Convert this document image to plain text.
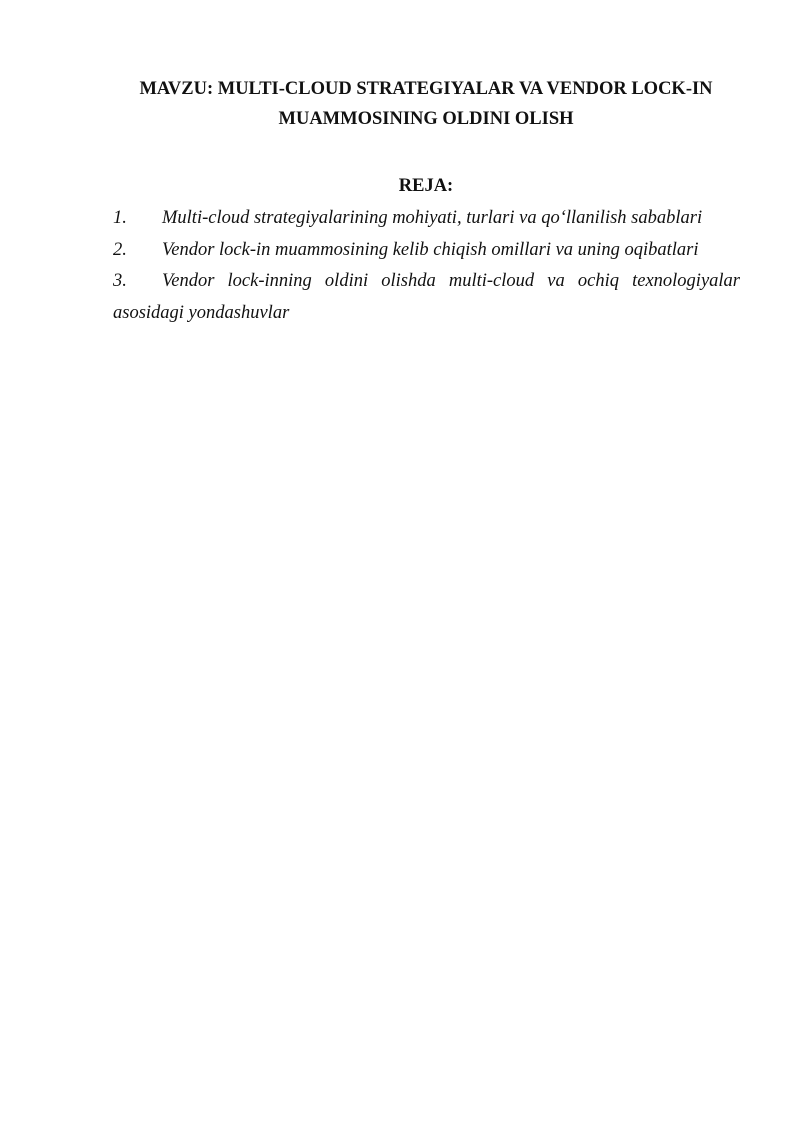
MAVZU: MULTI-CLOUD STRATEGIYALAR VA VENDOR LOCK-IN
MUAMMOSINING OLDINI OLISH
REJA:
1. Multi-cloud strategiyalarining mohiyati, turlari va qo‘llanilish sabablari
2. Vendor lock-in muammosining kelib chiqish omillari va uning oqibatlari
3. Vendor lock-inning oldini olishda multi-cloud va ochiq texnologiyalar
asosidagi yondashuvlar
